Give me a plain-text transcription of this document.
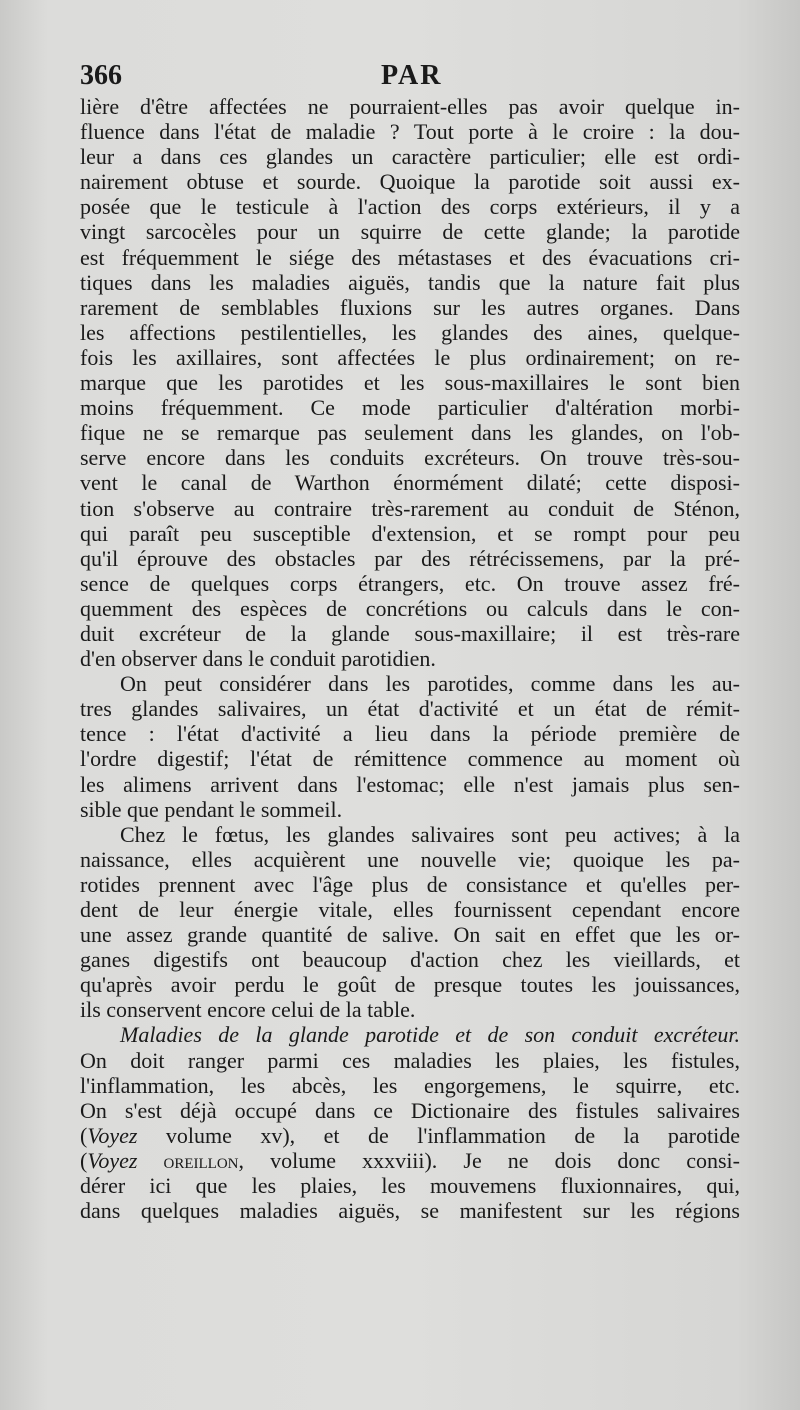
366	PAR
lière d'être affectées ne pourraient-elles pas avoir quelque in-
fluence dans l'état de maladie ? Tout porte à le croire : la dou-
leur a dans ces glandes un caractère particulier; elle est ordi-
nairement obtuse et sourde. Quoique la parotide soit aussi ex-
posée que le testicule à l'action des corps extérieurs, il y a
vingt sarcocèles pour un squirre de cette glande; la parotide
est fréquemment le siége des métastases et des évacuations cri-
tiques dans les maladies aiguës, tandis que la nature fait plus
rarement de semblables fluxions sur les autres organes. Dans
les affections pestilentielles, les glandes des aines, quelque-
fois les axillaires, sont affectées le plus ordinairement; on re-
marque que les parotides et les sous-maxillaires le sont bien
moins fréquemment. Ce mode particulier d'altération morbi-
fique ne se remarque pas seulement dans les glandes, on l'ob-
serve encore dans les conduits excréteurs. On trouve très-sou-
vent le canal de Warthon énormément dilaté; cette disposi-
tion s'observe au contraire très-rarement au conduit de Sténon,
qui paraît peu susceptible d'extension, et se rompt pour peu
qu'il éprouve des obstacles par des rétrécissemens, par la pré-
sence de quelques corps étrangers, etc. On trouve assez fré-
quemment des espèces de concrétions ou calculs dans le con-
duit excréteur de la glande sous-maxillaire; il est très-rare
d'en observer dans le conduit parotidien.
On peut considérer dans les parotides, comme dans les au-
tres glandes salivaires, un état d'activité et un état de rémit-
tence : l'état d'activité a lieu dans la période première de
l'ordre digestif; l'état de rémittence commence au moment où
les alimens arrivent dans l'estomac; elle n'est jamais plus sen-
sible que pendant le sommeil.
Chez le fœtus, les glandes salivaires sont peu actives; à la
naissance, elles acquièrent une nouvelle vie; quoique les pa-
rotides prennent avec l'âge plus de consistance et qu'elles per-
dent de leur énergie vitale, elles fournissent cependant encore
une assez grande quantité de salive. On sait en effet que les or-
ganes digestifs ont beaucoup d'action chez les vieillards, et
qu'après avoir perdu le goût de presque toutes les jouissances,
ils conservent encore celui de la table.
Maladies de la glande parotide et de son conduit excréteur.
On doit ranger parmi ces maladies les plaies, les fistules,
l'inflammation, les abcès, les engorgemens, le squirre, etc.
On s'est déjà occupé dans ce Dictionaire des fistules salivaires
(Voyez volume xv), et de l'inflammation de la parotide
(Voyez oreillon, volume xxxviii). Je ne dois donc consi-
dérer ici que les plaies, les mouvemens fluxionnaires, qui,
dans quelques maladies aiguës, se manifestent sur les régions
